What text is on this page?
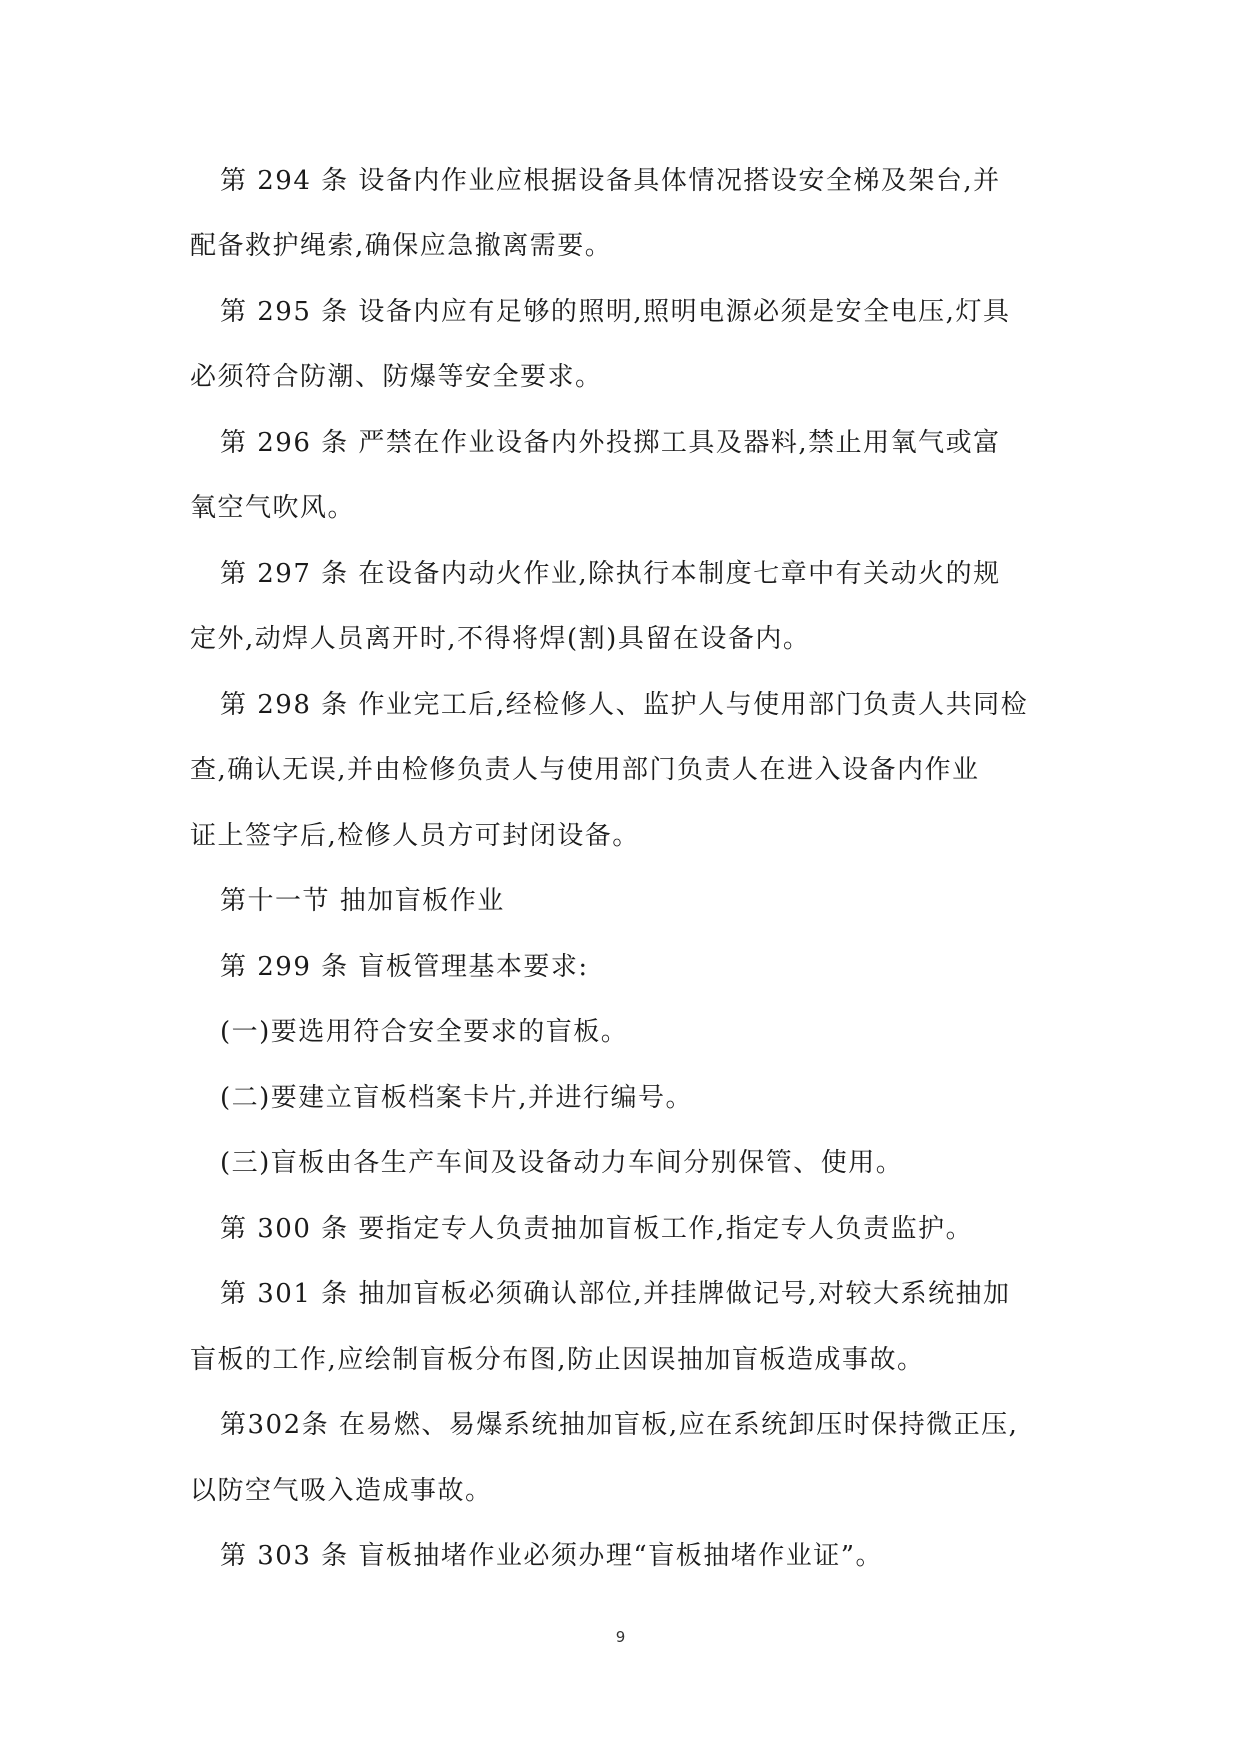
第 294 条 设备内作业应根据设备具体情况搭设安全梯及架台,并
配备救护绳索,确保应急撤离需要。
第 295 条 设备内应有足够的照明,照明电源必须是安全电压,灯具
必须符合防潮、防爆等安全要求。
第 296 条 严禁在作业设备内外投掷工具及器料,禁止用氧气或富
氧空气吹风。
第 297 条 在设备内动火作业,除执行本制度七章中有关动火的规
定外,动焊人员离开时,不得将焊(割)具留在设备内。
第 298 条 作业完工后,经检修人、监护人与使用部门负责人共同检
查,确认无误,并由检修负责人与使用部门负责人在进入设备内作业
证上签字后,检修人员方可封闭设备。
第十一节 抽加盲板作业
第 299 条 盲板管理基本要求:
(一)要选用符合安全要求的盲板。
(二)要建立盲板档案卡片,并进行编号。
(三)盲板由各生产车间及设备动力车间分别保管、使用。
第 300 条 要指定专人负责抽加盲板工作,指定专人负责监护。
第 301 条 抽加盲板必须确认部位,并挂牌做记号,对较大系统抽加
盲板的工作,应绘制盲板分布图,防止因误抽加盲板造成事故。
第302条 在易燃、易爆系统抽加盲板,应在系统卸压时保持微正压,
以防空气吸入造成事故。
第 303 条 盲板抽堵作业必须办理“盲板抽堵作业证”。
9
